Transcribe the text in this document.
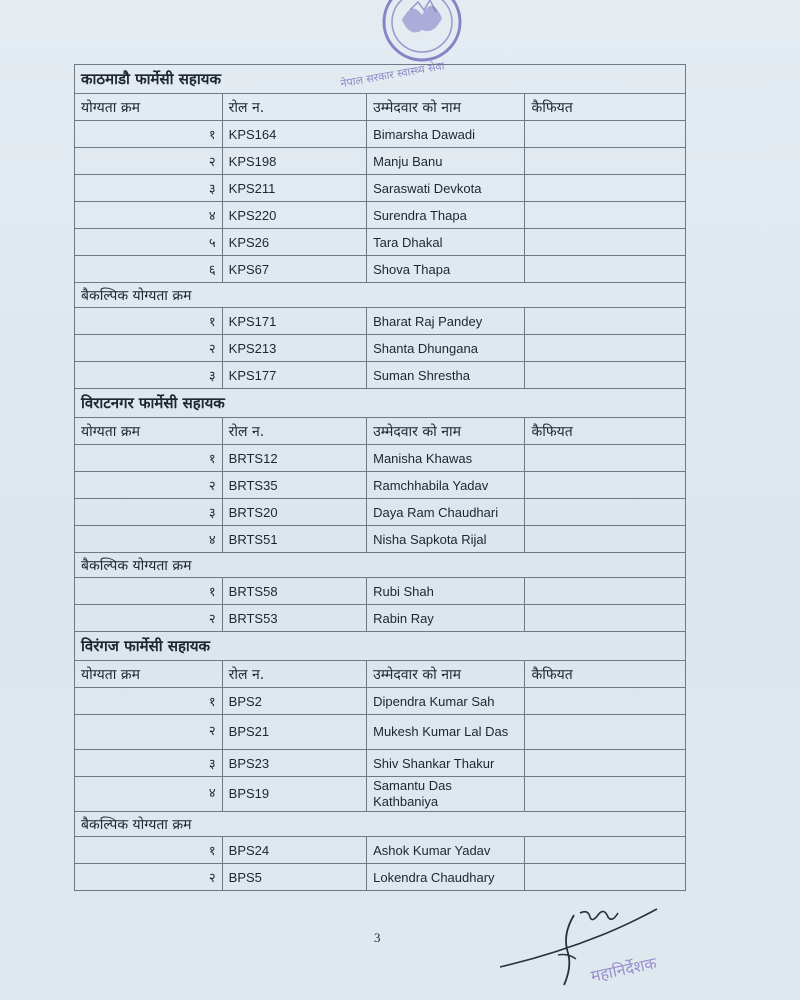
नेपाल सरकार स्वास्थ्य सेवा
काठमाडौ फार्मेसी सहायक			
योग्यता क्रम	रोल न.	उम्मेदवार को नाम	कैफियत
१	KPS164	Bimarsha Dawadi	
२	KPS198	Manju Banu	
३	KPS211	Saraswati Devkota	
४	KPS220	Surendra Thapa	
५	KPS26	Tara Dhakal	
६	KPS67	Shova Thapa	
बैकल्पिक योग्यता क्रम			
१	KPS171	Bharat Raj Pandey	
२	KPS213	Shanta Dhungana	
३	KPS177	Suman Shrestha	
विराटनगर फार्मेसी सहायक			
योग्यता क्रम	रोल न.	उम्मेदवार को नाम	कैफियत
१	BRTS12	Manisha Khawas	
२	BRTS35	Ramchhabila Yadav	
३	BRTS20	Daya Ram Chaudhari	
४	BRTS51	Nisha Sapkota Rijal	
बैकल्पिक योग्यता क्रम			
१	BRTS58	Rubi Shah	
२	BRTS53	Rabin Ray	
विरंगज फार्मेसी सहायक			
योग्यता क्रम	रोल न.	उम्मेदवार को नाम	कैफियत
१	BPS2	Dipendra Kumar Sah	
२	BPS21	Mukesh Kumar Lal Das	
३	BPS23	Shiv Shankar Thakur	
४	BPS19	Samantu Das Kathbaniya	
बैकल्पिक योग्यता क्रम			
१	BPS24	Ashok Kumar Yadav	
२	BPS5	Lokendra Chaudhary	
3
महानिर्देशक
